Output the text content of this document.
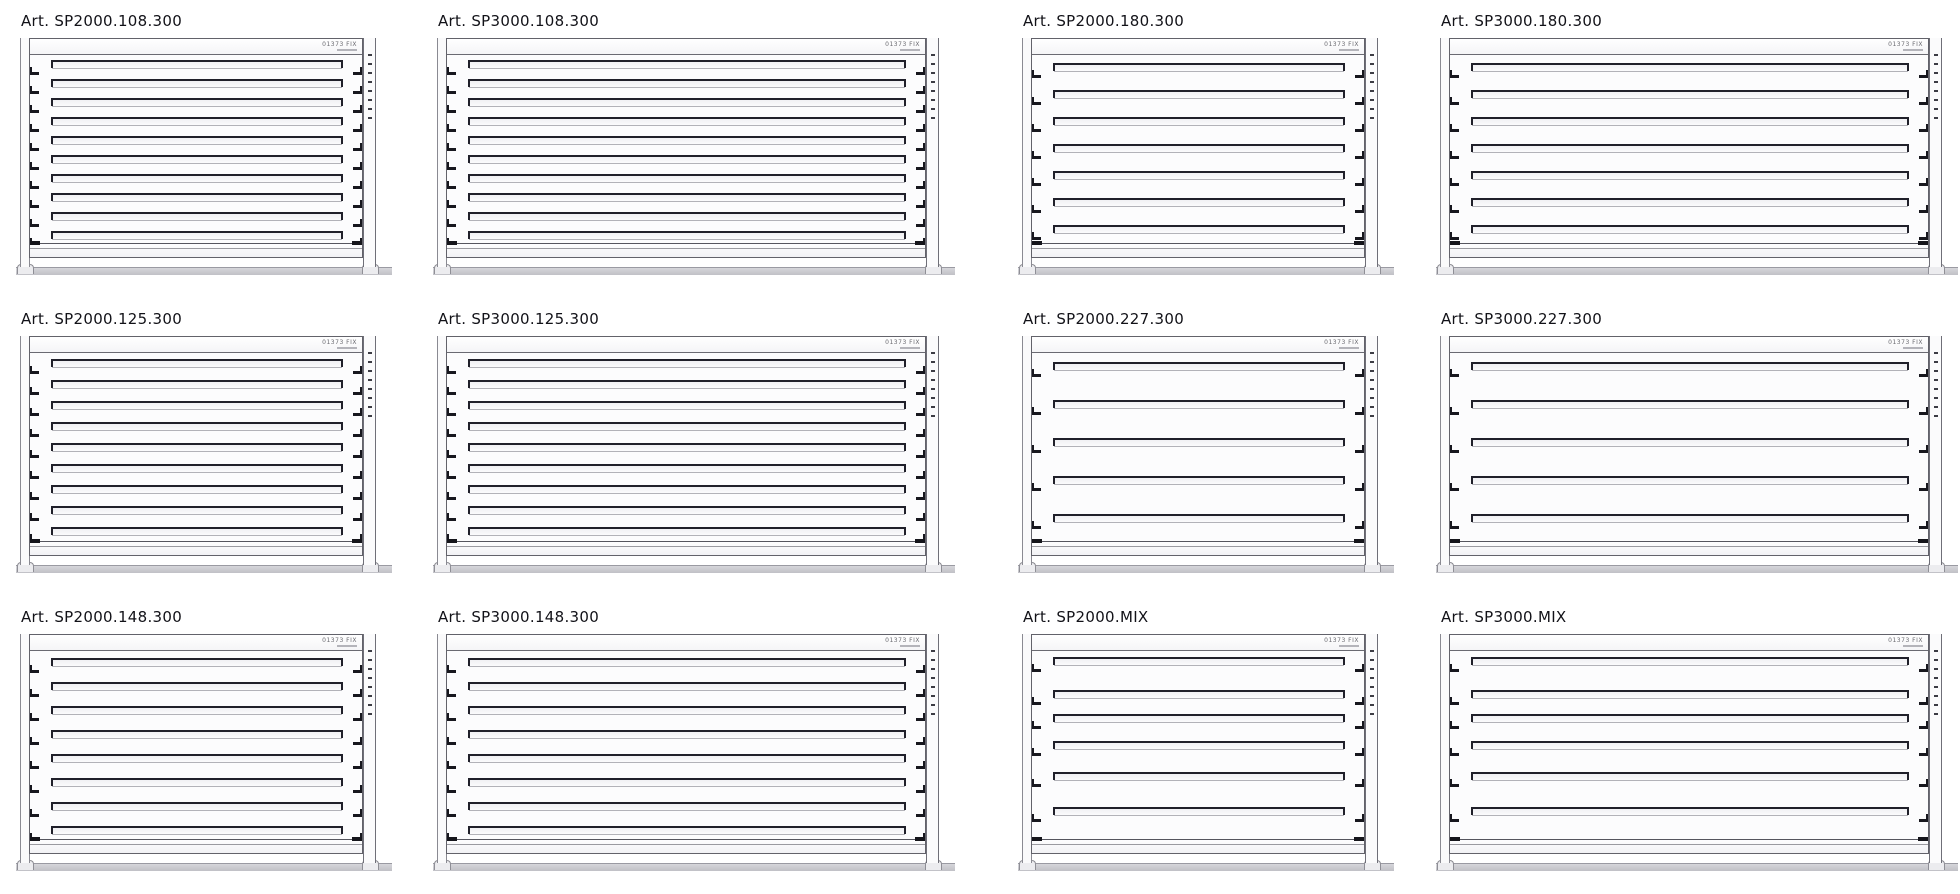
Art. SP2000.108.300
01373 FIX
Art. SP3000.108.300
01373 FIX
Art. SP2000.180.300
01373 FIX
Art. SP3000.180.300
01373 FIX
Art. SP2000.125.300
01373 FIX
Art. SP3000.125.300
01373 FIX
Art. SP2000.227.300
01373 FIX
Art. SP3000.227.300
01373 FIX
Art. SP2000.148.300
01373 FIX
Art. SP3000.148.300
01373 FIX
Art. SP2000.MIX
01373 FIX
Art. SP3000.MIX
01373 FIX
